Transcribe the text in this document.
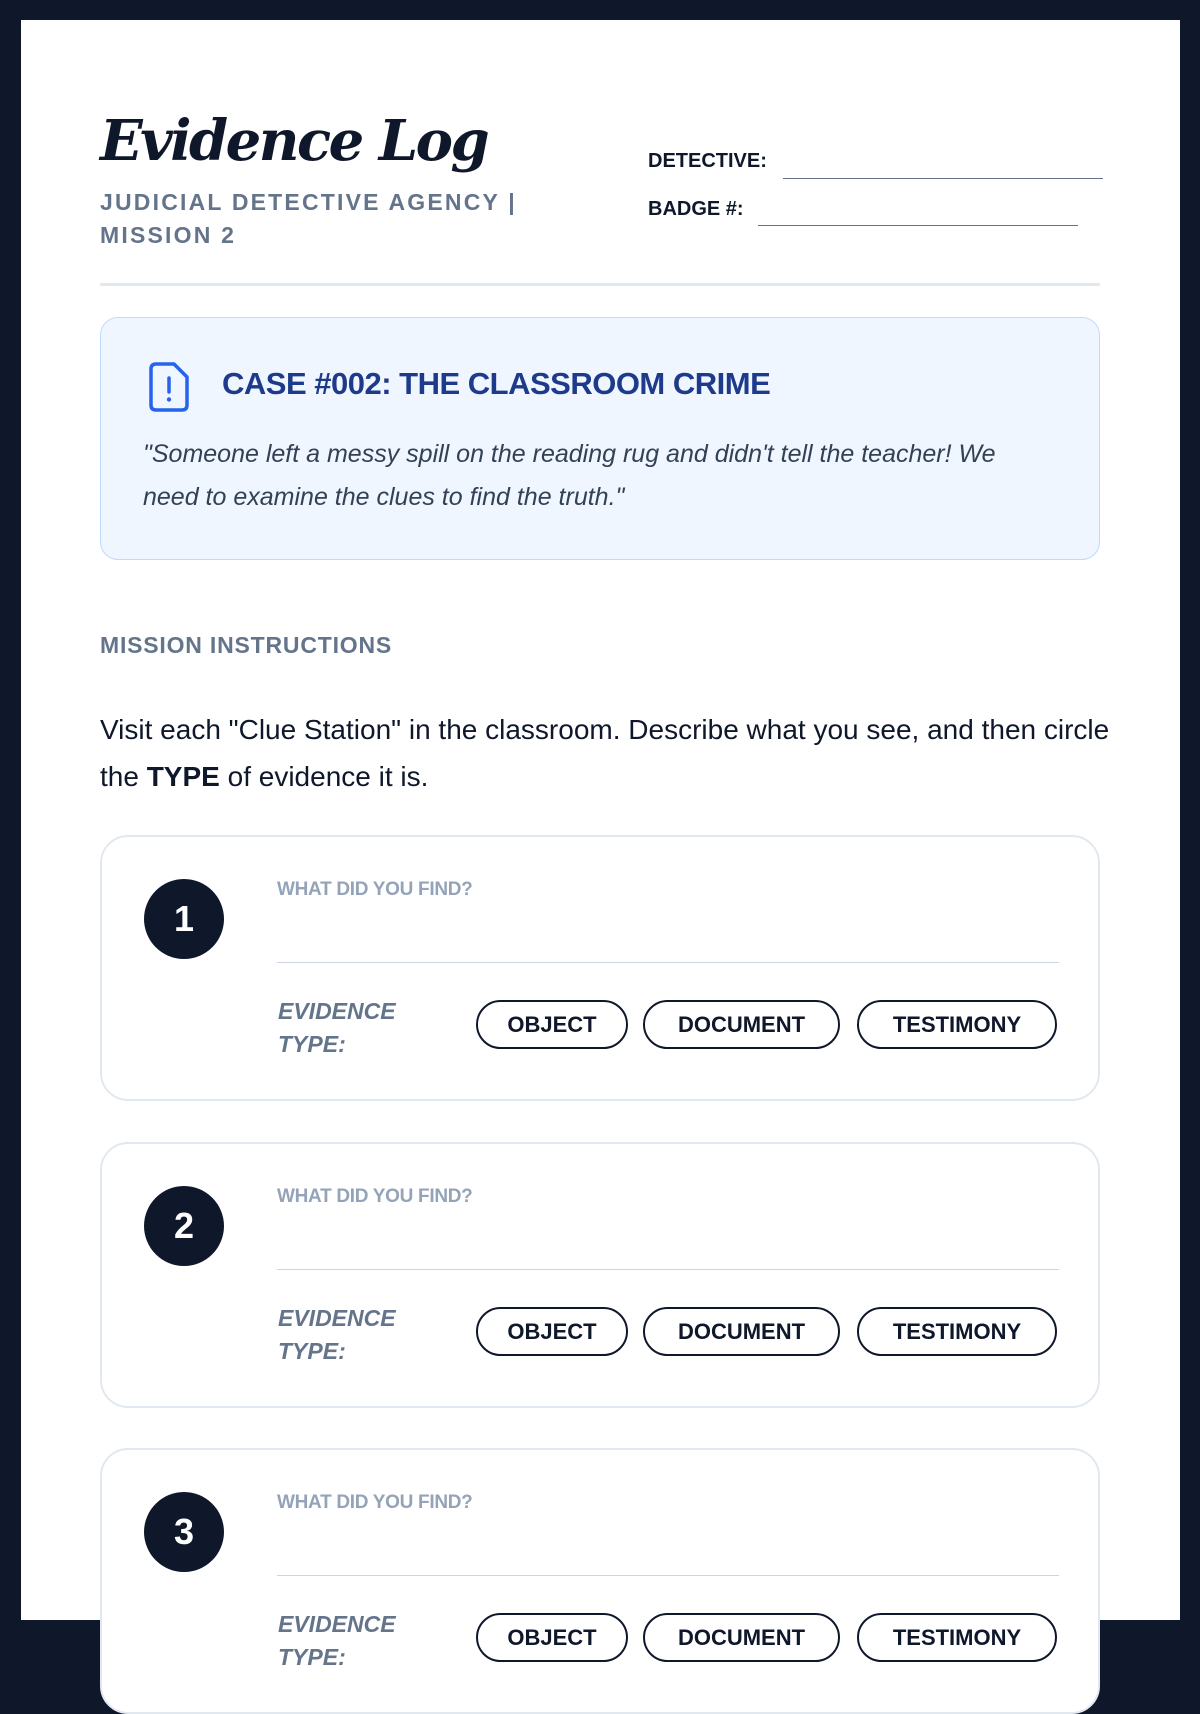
Evidence Log
JUDICIAL DETECTIVE AGENCY | MISSION 2
DETECTIVE:
BADGE #:
CASE #002: THE CLASSROOM CRIME
"Someone left a messy spill on the reading rug and didn't tell the teacher! We need to examine the clues to find the truth."
MISSION INSTRUCTIONS
Visit each "Clue Station" in the classroom. Describe what you see, and then circle the TYPE of evidence it is.
1
WHAT DID YOU FIND?
EVIDENCE TYPE:
OBJECT	DOCUMENT	TESTIMONY
2
WHAT DID YOU FIND?
EVIDENCE TYPE:
OBJECT	DOCUMENT	TESTIMONY
3
WHAT DID YOU FIND?
EVIDENCE TYPE:
OBJECT	DOCUMENT	TESTIMONY
